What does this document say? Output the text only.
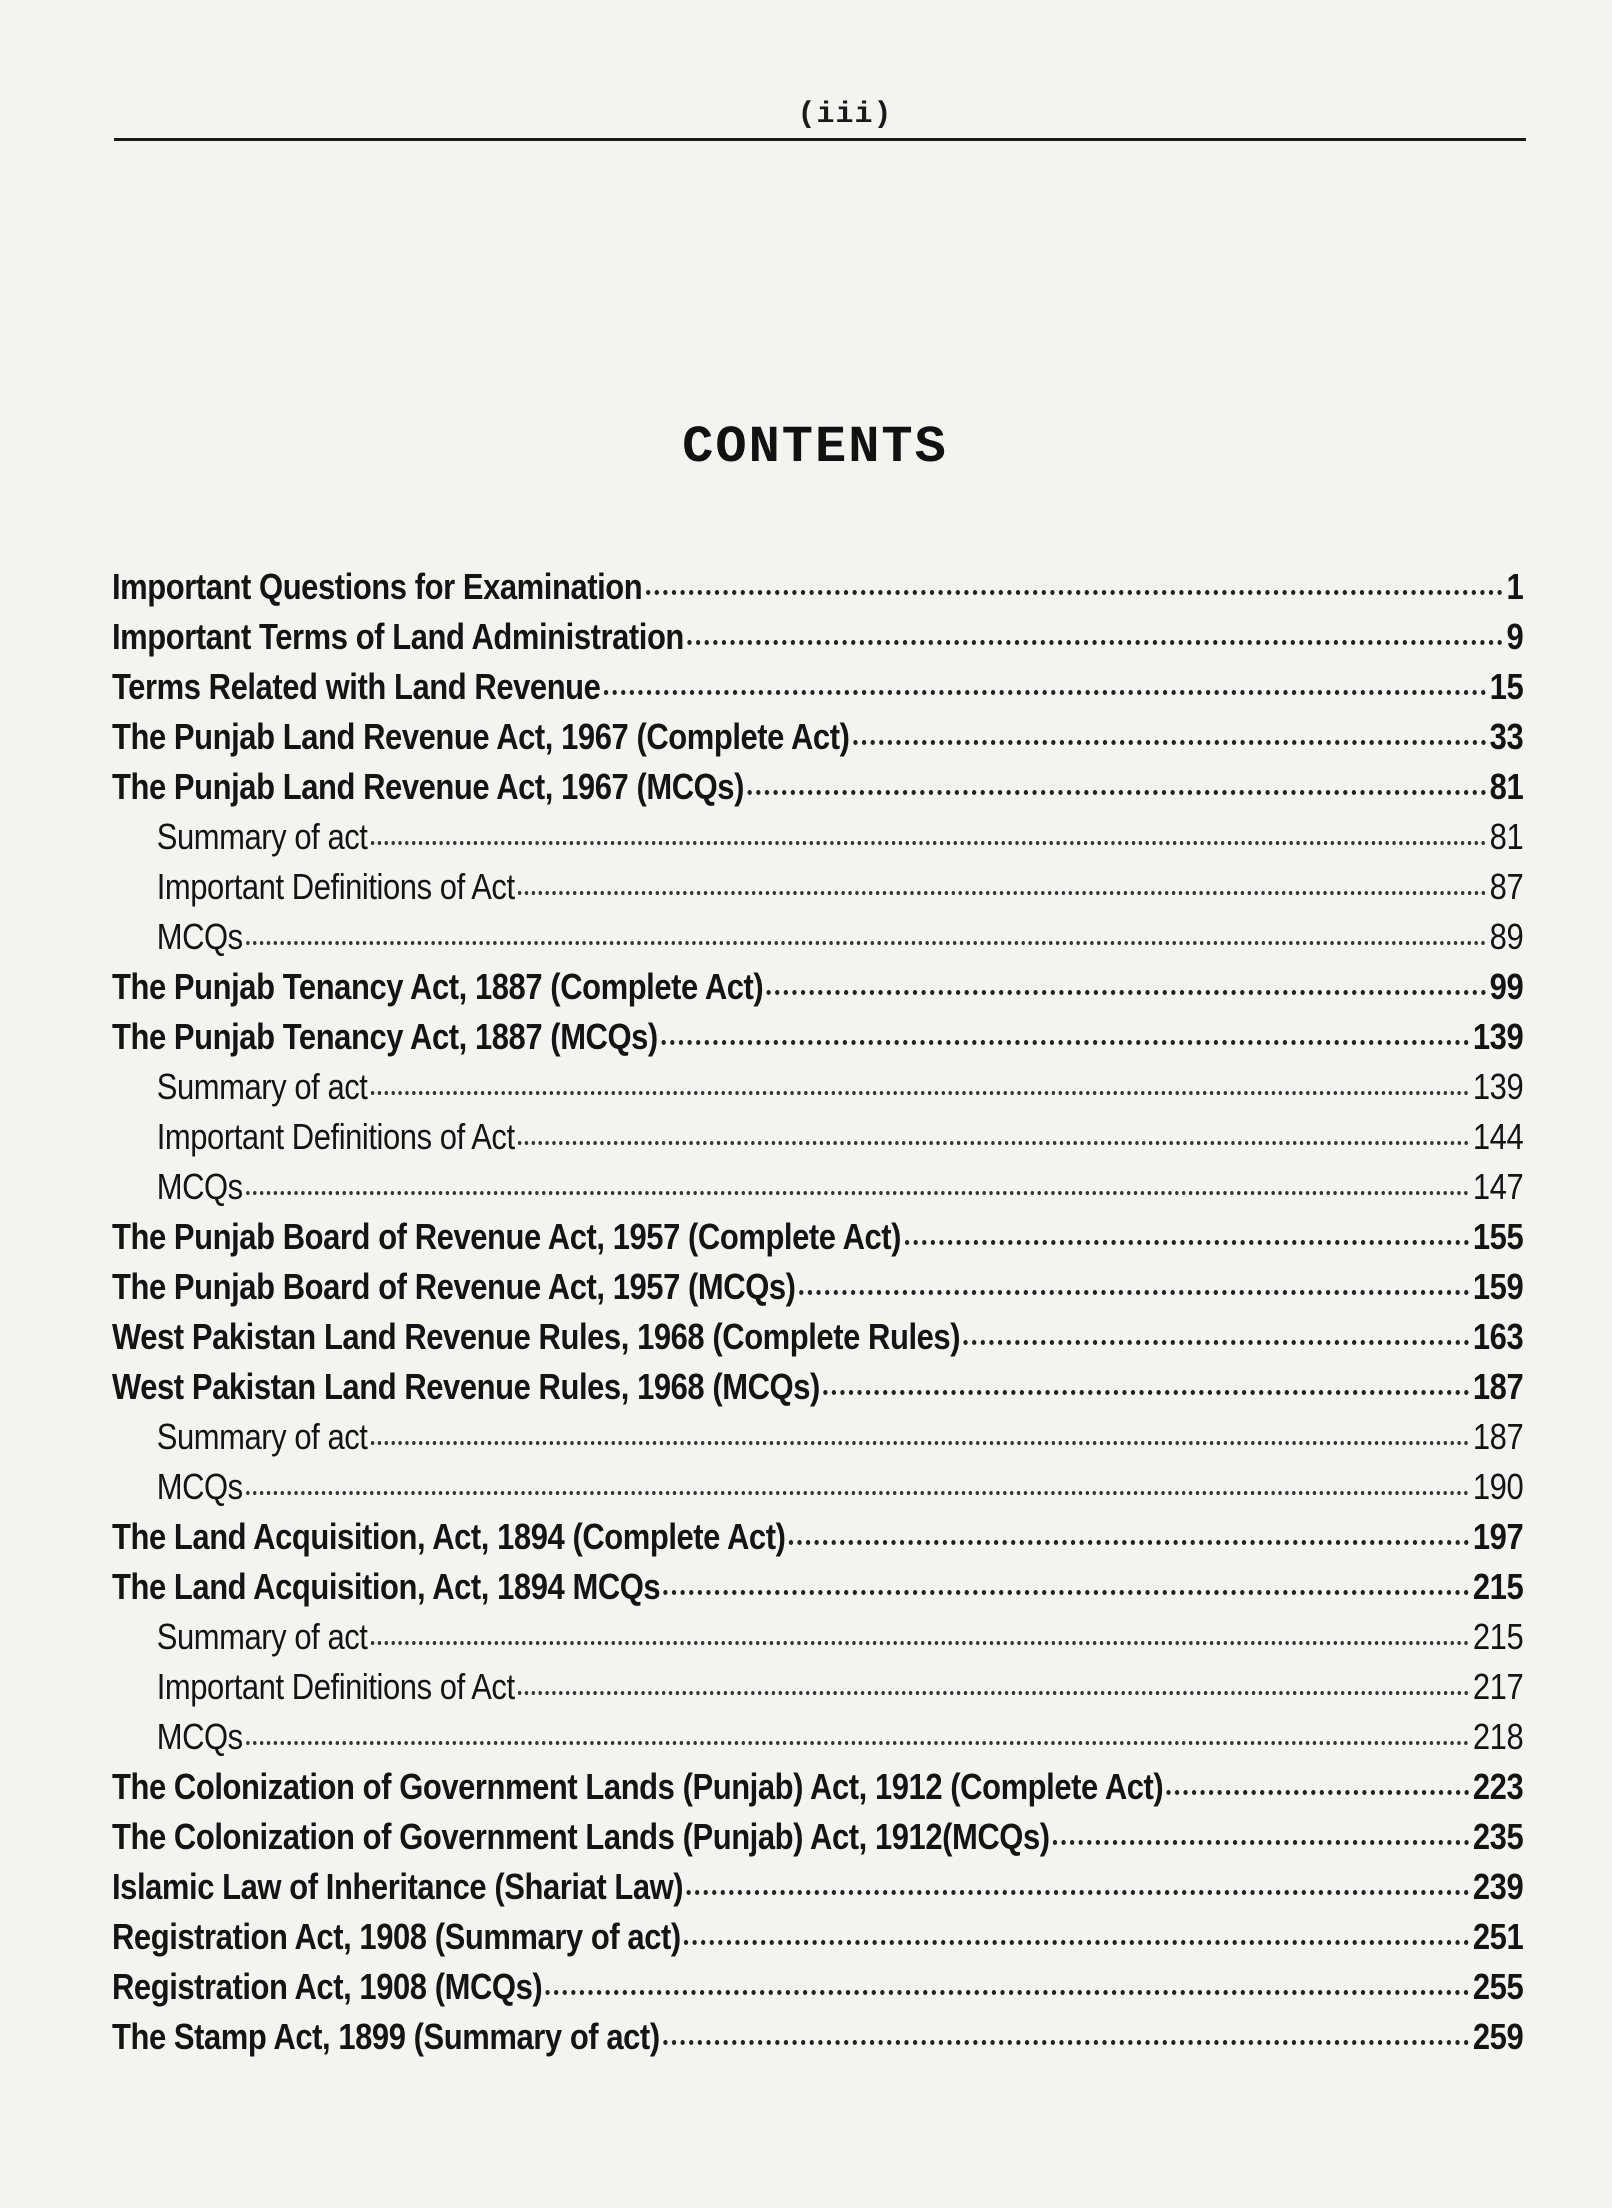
(iii)
CONTENTS
Important Questions for Examination	1
Important Terms of Land Administration	9
Terms Related with Land Revenue	15
The Punjab Land Revenue Act, 1967 (Complete Act)	33
The Punjab Land Revenue Act, 1967 (MCQs)	81
Summary of act	81
Important Definitions of Act	87
MCQs	89
The Punjab Tenancy Act, 1887 (Complete Act)	99
The Punjab Tenancy Act, 1887 (MCQs)	139
Summary of act	139
Important Definitions of Act	144
MCQs	147
The Punjab Board of Revenue Act, 1957 (Complete Act)	155
The Punjab Board of Revenue Act, 1957 (MCQs)	159
West Pakistan Land Revenue Rules, 1968 (Complete Rules)	163
West Pakistan Land Revenue Rules, 1968 (MCQs)	187
Summary of act	187
MCQs	190
The Land Acquisition, Act, 1894 (Complete Act)	197
The Land Acquisition, Act, 1894 MCQs	215
Summary of act	215
Important Definitions of Act	217
MCQs	218
The Colonization of Government Lands (Punjab) Act, 1912 (Complete Act)	223
The Colonization of Government Lands (Punjab) Act, 1912(MCQs)	235
Islamic Law of Inheritance (Shariat Law)	239
Registration Act, 1908 (Summary of act)	251
Registration Act, 1908 (MCQs)	255
The Stamp Act, 1899 (Summary of act)	259
